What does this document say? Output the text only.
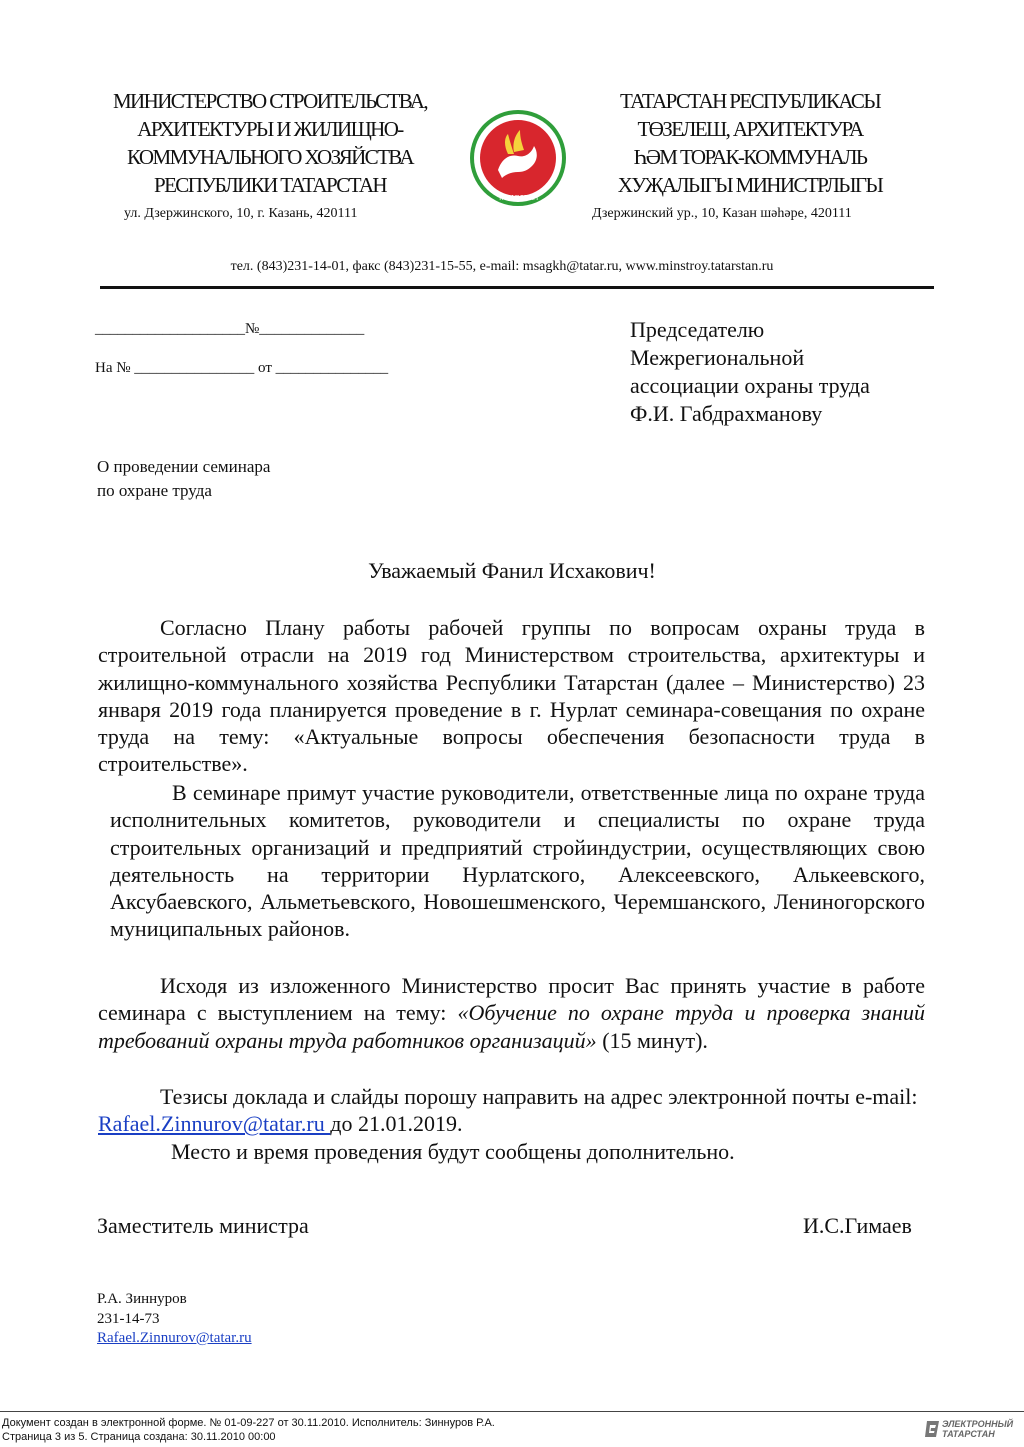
МИНИСТЕРСТВО СТРОИТЕЛЬСТВА,
АРХИТЕКТУРЫ И ЖИЛИЩНО-
КОММУНАЛЬНОГО ХОЗЯЙСТВА
РЕСПУБЛИКИ ТАТАРСТАН
ТАТАРСТАН
ТАТАРСТАН РЕСПУБЛИКАСЫ
ТӨЗЕЛЕШ, АРХИТЕКТУРА
ҺӘМ ТОРАК-КОММУНАЛЬ
ХУҖАЛЫГЫ МИНИСТРЛЫГЫ
ул. Дзержинского, 10, г. Казань, 420111	Дзержинский ур., 10, Казан шәһәре, 420111
тел. (843)231-14-01, факс (843)231-15-55, e-mail: msagkh@tatar.ru, www.minstroy.tatarstan.ru
____________________№______________
На № ________________ от _______________
Председателю
Межрегиональной
ассоциации охраны труда
Ф.И. Габдрахманову
О проведении семинара
по охране труда
Уважаемый Фанил Исхакович!
Согласно Плану работы рабочей группы по вопросам охраны труда в строительной отрасли на 2019 год Министерством строительства, архитектуры и жилищно-коммунального хозяйства Республики Татарстан (далее – Министерство) 23 января 2019 года планируется проведение в г. Нурлат семинара-совещания по охране труда на тему: «Актуальные вопросы обеспечения безопасности труда в строительстве».
В семинаре примут участие руководители, ответственные лица по охране труда исполнительных комитетов, руководители и специалисты по охране труда строительных организаций и предприятий стройиндустрии, осуществляющих свою деятельность на территории Нурлатского, Алексеевского, Алькеевского, Аксубаевского, Альметьевского, Новошешменского, Черемшанского, Лениногорского муниципальных районов.
Исходя из изложенного Министерство просит Вас принять участие в работе семинара с выступлением на тему: «Обучение по охране труда и проверка знаний требований охраны труда работников организаций» (15 минут).
Тезисы доклада и слайды порошу направить на адрес электронной почты e-mail: Rafael.Zinnurov@tatar.ru до 21.01.2019.
Место и время проведения будут сообщены дополнительно.
Заместитель министра	И.С.Гимаев
Р.А. Зиннуров
231-14-73
Rafael.Zinnurov@tatar.ru
Документ создан в электронной форме. № 01-09-227 от 30.11.2010. Исполнитель: Зиннуров Р.А.
Страница 3 из 5. Страница создана: 30.11.2010 00:00
ЭЛЕКТРОННЫЙ
ТАТАРСТАН
